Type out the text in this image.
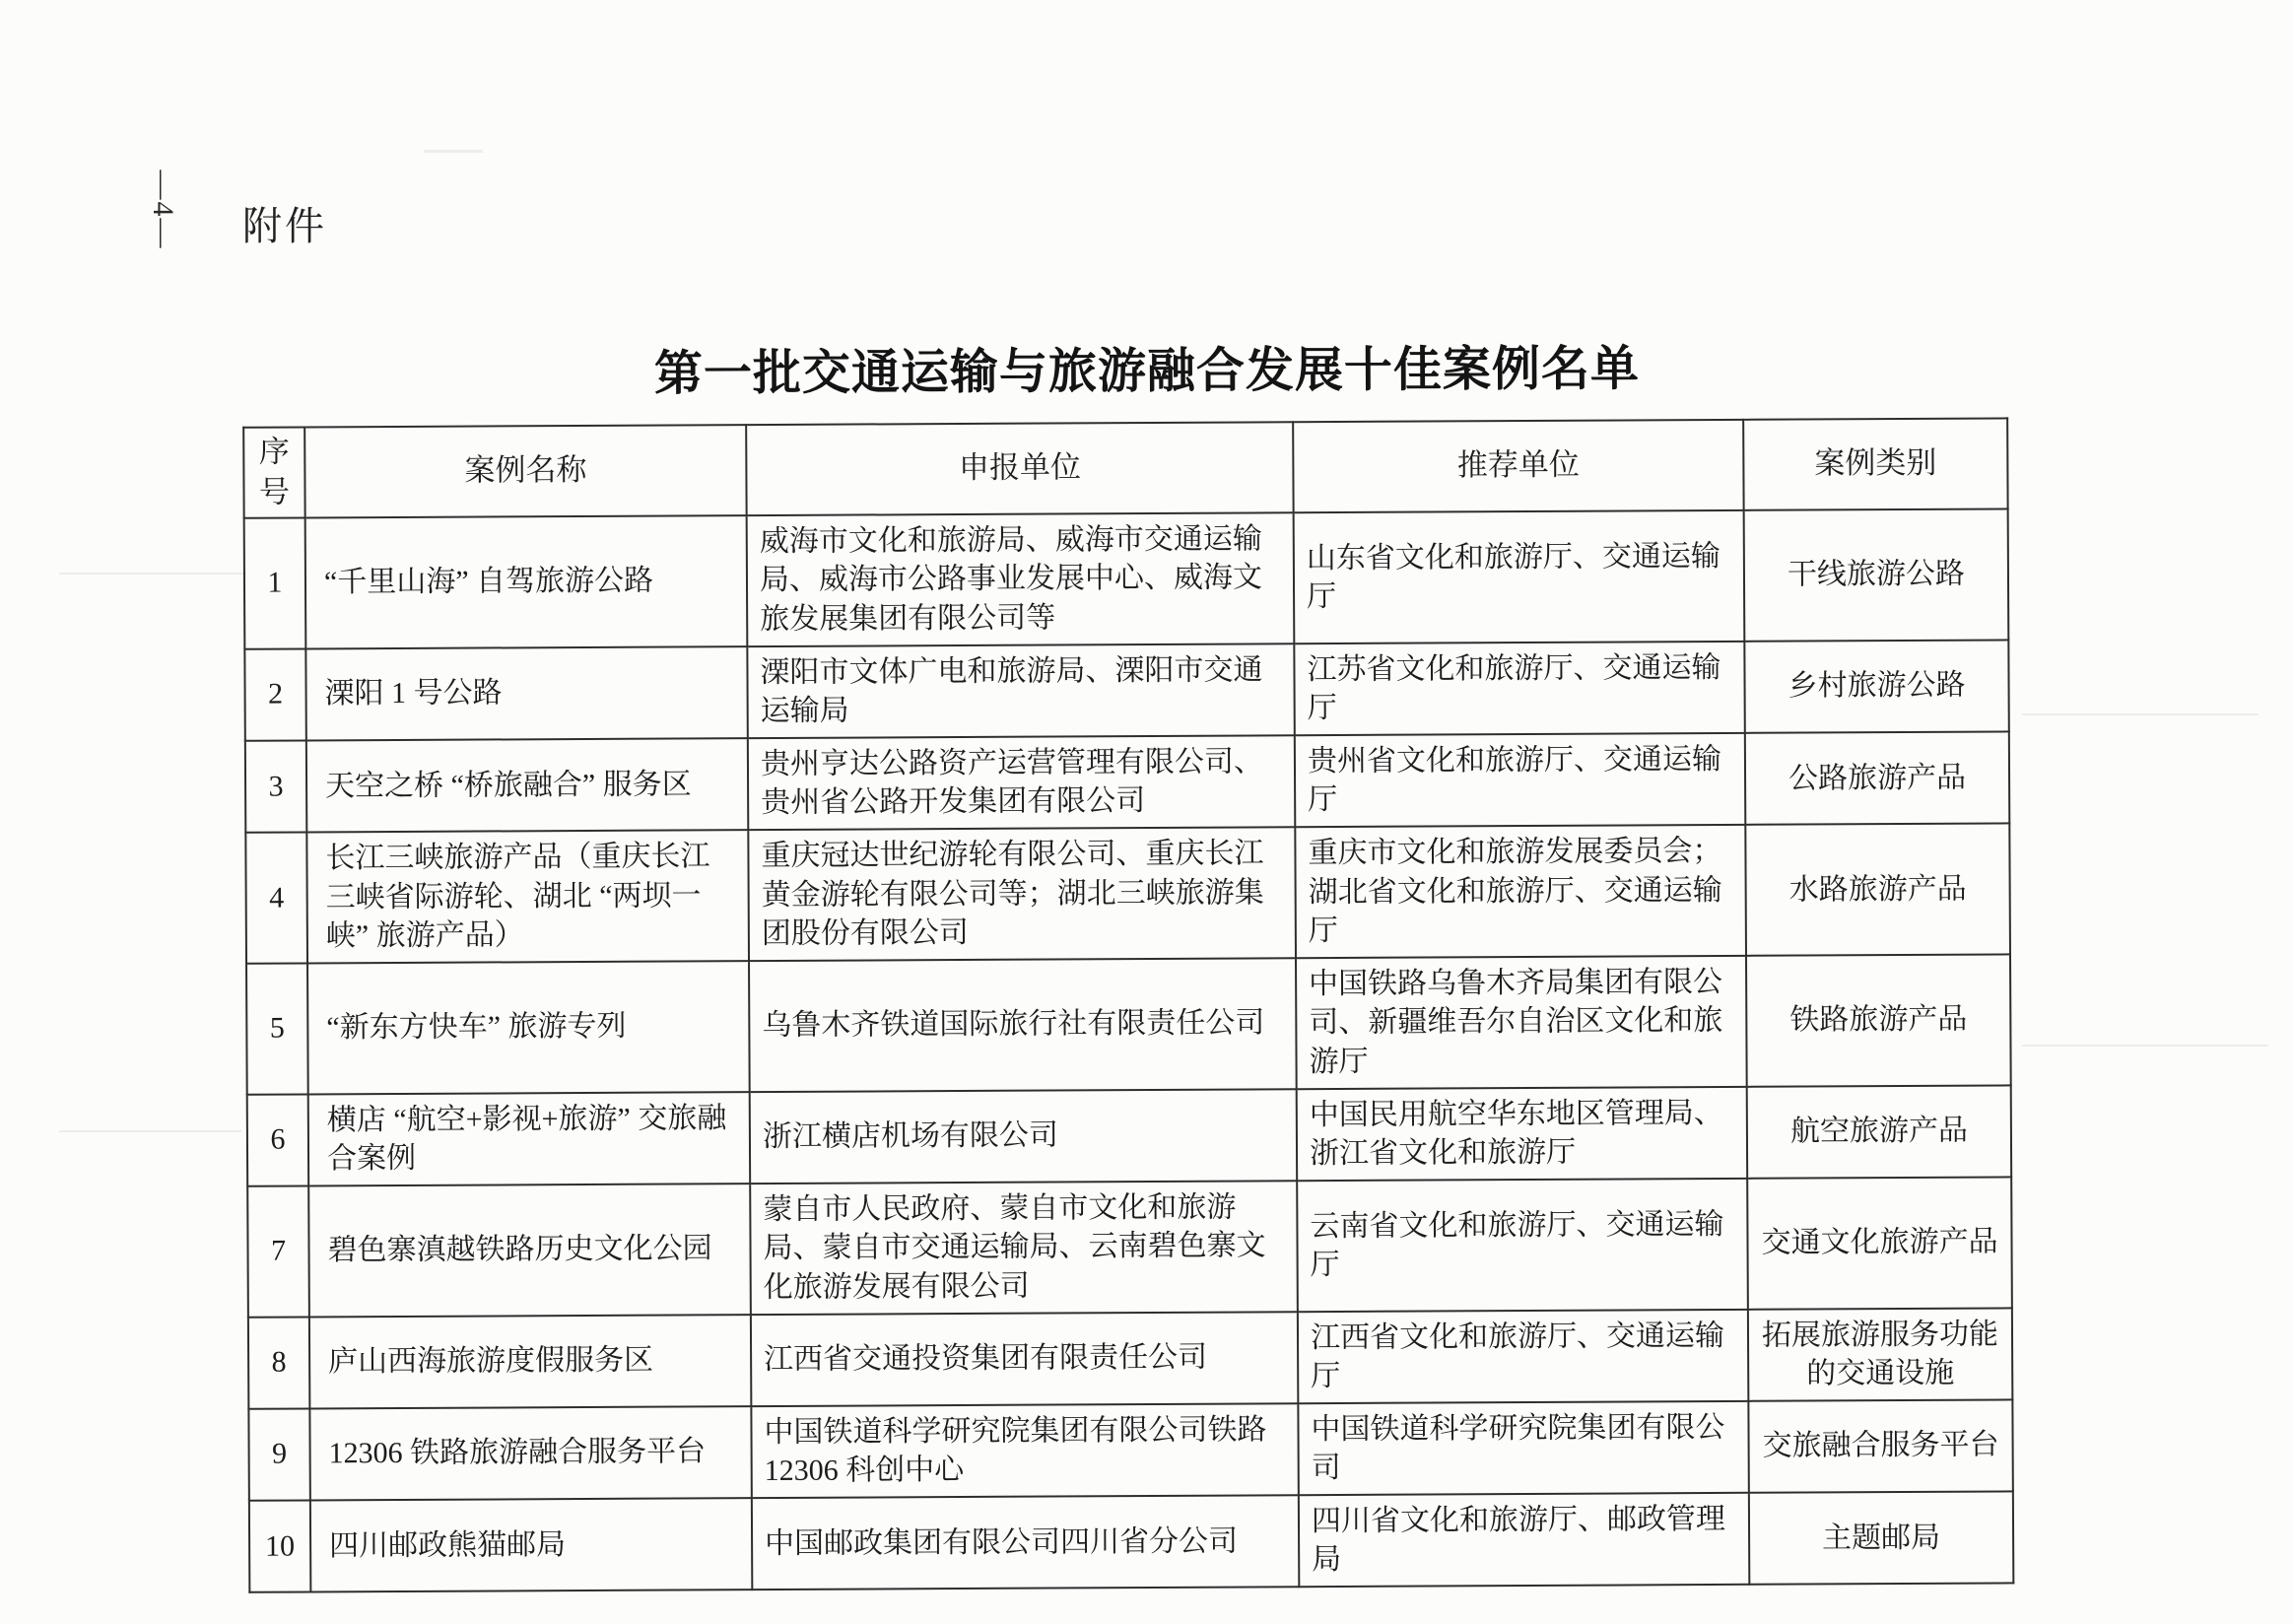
—4— 附件
第一批交通运输与旅游融合发展十佳案例名单
序号	案例名称	申报单位	推荐单位	案例类别
1	“千里山海” 自驾旅游公路	威海市文化和旅游局、威海市交通运输局、威海市公路事业发展中心、威海文旅发展集团有限公司等	山东省文化和旅游厅、交通运输厅	干线旅游公路
2	溧阳 1 号公路	溧阳市文体广电和旅游局、溧阳市交通运输局	江苏省文化和旅游厅、交通运输厅	乡村旅游公路
3	天空之桥 “桥旅融合” 服务区	贵州亨达公路资产运营管理有限公司、贵州省公路开发集团有限公司	贵州省文化和旅游厅、交通运输厅	公路旅游产品
4	长江三峡旅游产品（重庆长江三峡省际游轮、湖北 “两坝一峡” 旅游产品）	重庆冠达世纪游轮有限公司、重庆长江黄金游轮有限公司等；湖北三峡旅游集团股份有限公司	重庆市文化和旅游发展委员会；湖北省文化和旅游厅、交通运输厅	水路旅游产品
5	“新东方快车” 旅游专列	乌鲁木齐铁道国际旅行社有限责任公司	中国铁路乌鲁木齐局集团有限公司、新疆维吾尔自治区文化和旅游厅	铁路旅游产品
6	横店 “航空+影视+旅游” 交旅融合案例	浙江横店机场有限公司	中国民用航空华东地区管理局、浙江省文化和旅游厅	航空旅游产品
7	碧色寨滇越铁路历史文化公园	蒙自市人民政府、蒙自市文化和旅游局、蒙自市交通运输局、云南碧色寨文化旅游发展有限公司	云南省文化和旅游厅、交通运输厅	交通文化旅游产品
8	庐山西海旅游度假服务区	江西省交通投资集团有限责任公司	江西省文化和旅游厅、交通运输厅	拓展旅游服务功能的交通设施
9	12306 铁路旅游融合服务平台	中国铁道科学研究院集团有限公司铁路 12306 科创中心	中国铁道科学研究院集团有限公司	交旅融合服务平台
10	四川邮政熊猫邮局	中国邮政集团有限公司四川省分公司	四川省文化和旅游厅、邮政管理局	主题邮局
